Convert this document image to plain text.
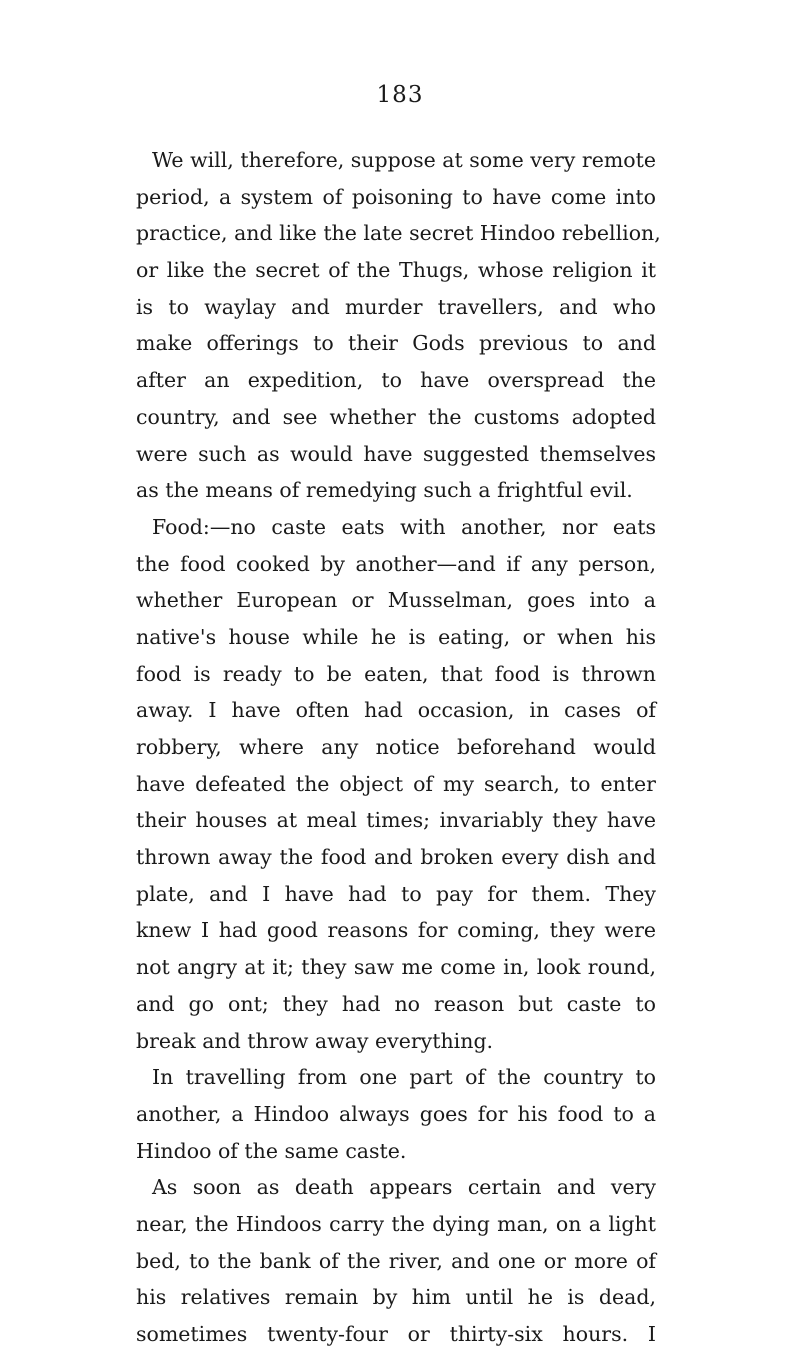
183
We will, therefore, suppose at some very remote
period, a system of poisoning to have come into
practice, and like the late secret Hindoo rebellion,
or like the secret of the Thugs, whose religion it
is to waylay and murder travellers, and who
make offerings to their Gods previous to and
after an expedition, to have overspread the
country, and see whether the customs adopted
were such as would have suggested themselves
as the means of remedying such a frightful evil.
Food:—no caste eats with another, nor eats
the food cooked by another—and if any person,
whether European or Musselman, goes into a
native's house while he is eating, or when his
food is ready to be eaten, that food is thrown
away. I have often had occasion, in cases of
robbery, where any notice beforehand would
have defeated the object of my search, to enter
their houses at meal times; invariably they have
thrown away the food and broken every dish and
plate, and I have had to pay for them. They
knew I had good reasons for coming, they were
not angry at it; they saw me come in, look round,
and go ont; they had no reason but caste to
break and throw away everything.
In travelling from one part of the country to
another, a Hindoo always goes for his food to a
Hindoo of the same caste.
As soon as death appears certain and very
near, the Hindoos carry the dying man, on a light
bed, to the bank of the river, and one or more of
his relatives remain by him until he is dead,
sometimes twenty-four or thirty-six hours. I
